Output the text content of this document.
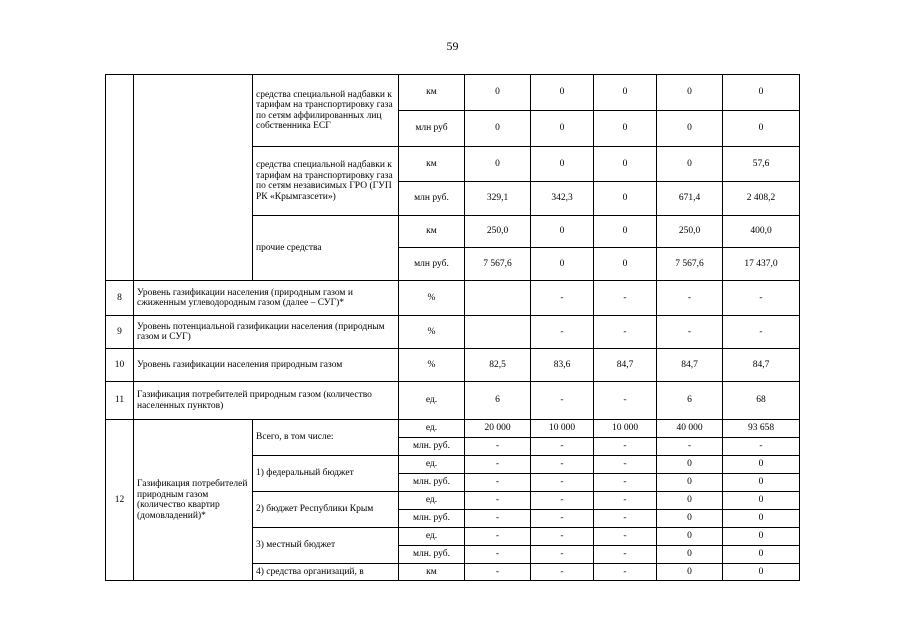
59
		средства специальной надбавки к тарифам на транспортировку газа по сетям аффилированных лиц собственника ЕСГ	км	0	0	0	0	0
			млн руб	0	0	0	0	0
		средства специальной надбавки к тарифам на транспортировку газа по сетям независимых ГРО (ГУП РК «Крымгазсети»)	км	0	0	0	0	57,6
			млн руб.	329,1	342,3	0	671,4	2 408,2
		прочие средства	км	250,0	0	0	250,0	400,0
			млн руб.	7 567,6	0	0	7 567,6	17 437,0
8	Уровень газификации населения (природным газом и сжиженным углеводородным газом (далее – СУГ)*		%		-	-	-	-
9	Уровень потенциальной газификации населения (природным газом и СУГ)		%		-	-	-	-
10	Уровень газификации населения природным газом		%	82,5	83,6	84,7	84,7	84,7
11	Газификация потребителей природным газом (количество населенных пунктов)		ед.	6	-	-	6	68
12	Газификация потребителей природным газом (количество квартир (домовладений)*	Всего, в том числе:	ед.	20 000	10 000	10 000	40 000	93 658
			млн. руб.	-	-	-	-	-
		1) федеральный бюджет	ед.	-	-	-	0	0
			млн. руб.	-	-	-	0	0
		2) бюджет Республики Крым	ед.	-	-	-	0	0
			млн. руб.	-	-	-	0	0
		3) местный бюджет	ед.	-	-	-	0	0
			млн. руб.	-	-	-	0	0
		4) средства организаций, в	км	-	-	-	0	0
